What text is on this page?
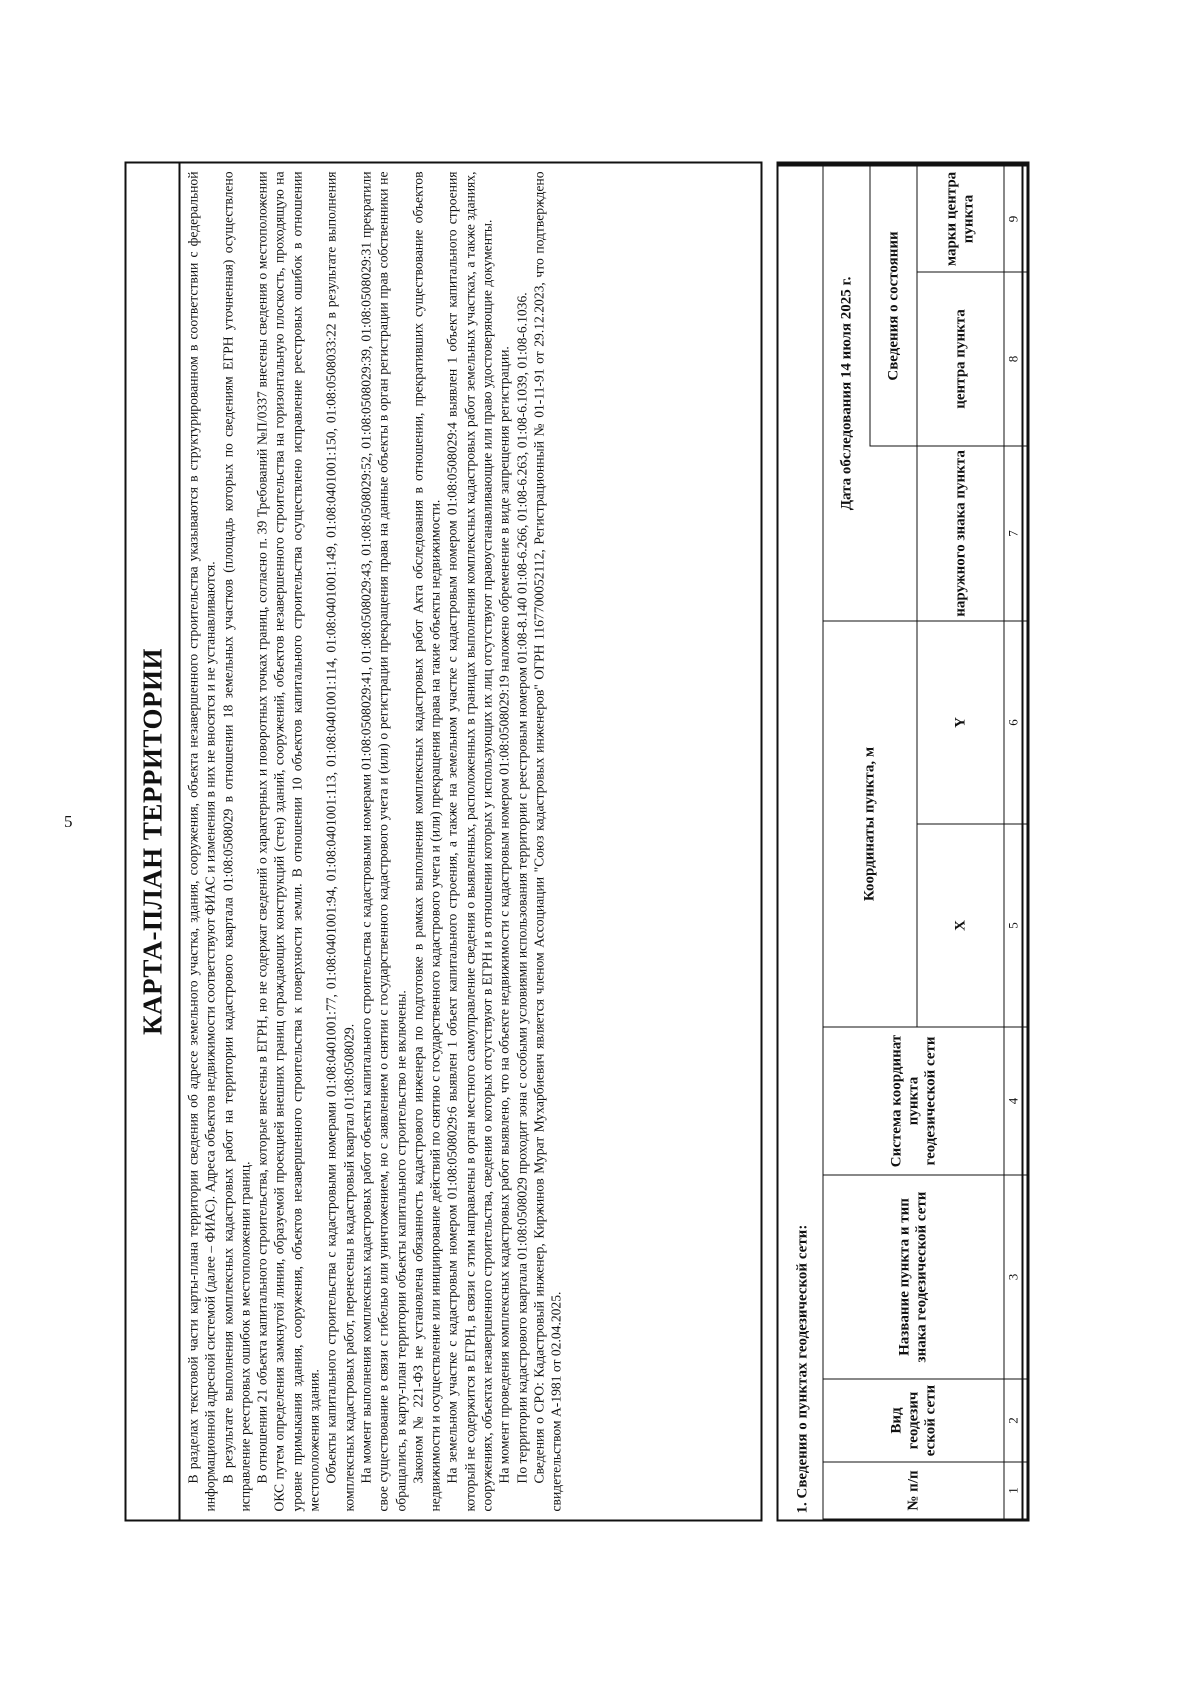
5	КАРТА-ПЛАН ТЕРРИТОРИИ	В разделах текстовой части карты-плана территории сведения об адресе земельного участка, здания, сооружения, объекта незавершенного строительства указываются в структурированном в соответствии с федеральной информационной адресной системой (далее – ФИАС). Адреса объектов недвижимости соответствуют ФИАС и изменения в них не вносятся и не устанавливаются. В результате выполнения комплексных кадастровых работ на территории кадастрового квартала 01:08:0508029 в отношении 18 земельных участков (площадь которых по сведениям ЕГРН уточненная) осуществлено исправление реестровых ошибок в местоположении границ. В отношении 21 объекта капитального строительства, которые внесены в ЕГРН, но не содержат сведений о характерных и поворотных точках границ, согласно п. 39 Требований №П/0337 внесены сведения о местоположении ОКС путем определения замкнутой линии, образуемой проекцией внешних границ ограждающих конструкций (стен) зданий, сооружений, объектов незавершенного строительства на горизонтальную плоскость, проходящую на уровне примыкания здания, сооружения, объектов незавершенного строительства к поверхности земли. В отношении 10 объектов капитального строительства осуществлено исправление реестровых ошибок в отношении местоположения здания. Объекты капитального строительства с кадастровыми номерами 01:08:0401001:77, 01:08:0401001:94, 01:08:0401001:113, 01:08:0401001:114, 01:08:0401001:149, 01:08:0401001:150, 01:08:0508033:22 в результате выполнения комплексных кадастровых работ, перенесены в кадастровый квартал 01:08:0508029. На момент выполнения комплексных кадастровых работ объекты капитального строительства с кадастровыми номерами 01:08:0508029:41, 01:08:0508029:43, 01:08:0508029:52, 01:08:0508029:39, 01:08:0508029:31 прекратили свое существование в связи с гибелью или уничтожением, но с заявлением о снятии с государственного кадастрового учета и (или) о регистрации прекращения права на данные объекты в орган регистрации прав собственники не обращались, в карту-план территории объекты капитального строительство не включены. Законом № 221-ФЗ не установлена обязанность кадастрового инженера по подготовке в рамках выполнения комплексных кадастровых работ Акта обследования в отношении, прекративших существование объектов недвижимости и осуществление или инициирование действий по снятию с государственного кадастрового учета и (или) прекращения права на такие объекты недвижимости. На земельном участке с кадастровым номером 01:08:0508029:6 выявлен 1 объект капитального строения, а также на земельном участке с кадастровым номером 01:08:0508029:4 выявлен 1 объект капитального строения который не содержится в ЕГРН, в связи с этим направлены в орган местного самоуправление сведения о выявленных, расположенных в границах выполнения комплексных кадастровых работ земельных участках, а также зданиях, сооружениях, объектах незавершенного строительства, сведения о которых отсутствуют в ЕГРН и в отношении которых у использующих их лиц отсутствуют правоустанавливающие или право удостоверяющие документы. На момент проведения комплексных кадастровых работ выявлено, что на объекте недвижимости с кадастровым номером 01:08:0508029:19 наложено обременение в виде запрещения регистрации. По территории кадастрового квартала 01:08:0508029 проходит зона с особыми условиями использования территории с реестровым номером 01:08-8.140 01:08-6.266, 01:08-6.263, 01:08-6.1039, 01:08-6.1036. Сведения о СРО: Кадастровый инженер, Киржинов Мурат Мухарбиевич является членом Ассоциации "Союз кадастровых инженеров" ОГРН 1167700052112, Регистрационный № 01-11-91 от 29.12.2023, что подтверждено свидетельством А-1981 от 02.04.2025.	1. Сведения о пунктах геодезической сети:	№ п/п	Вид геодезич еской сети	Название пункта и тип знака геодезической сети	Система координат пункта геодезической сети	Координаты пункта, м		Дата обследования 14 июля 2025 г.		
							Сведения о состоянии	
				X	Y	наружного знака пункта	центра пункта	марки центра пункта
1	2	3	4	5	6	7	8	9
